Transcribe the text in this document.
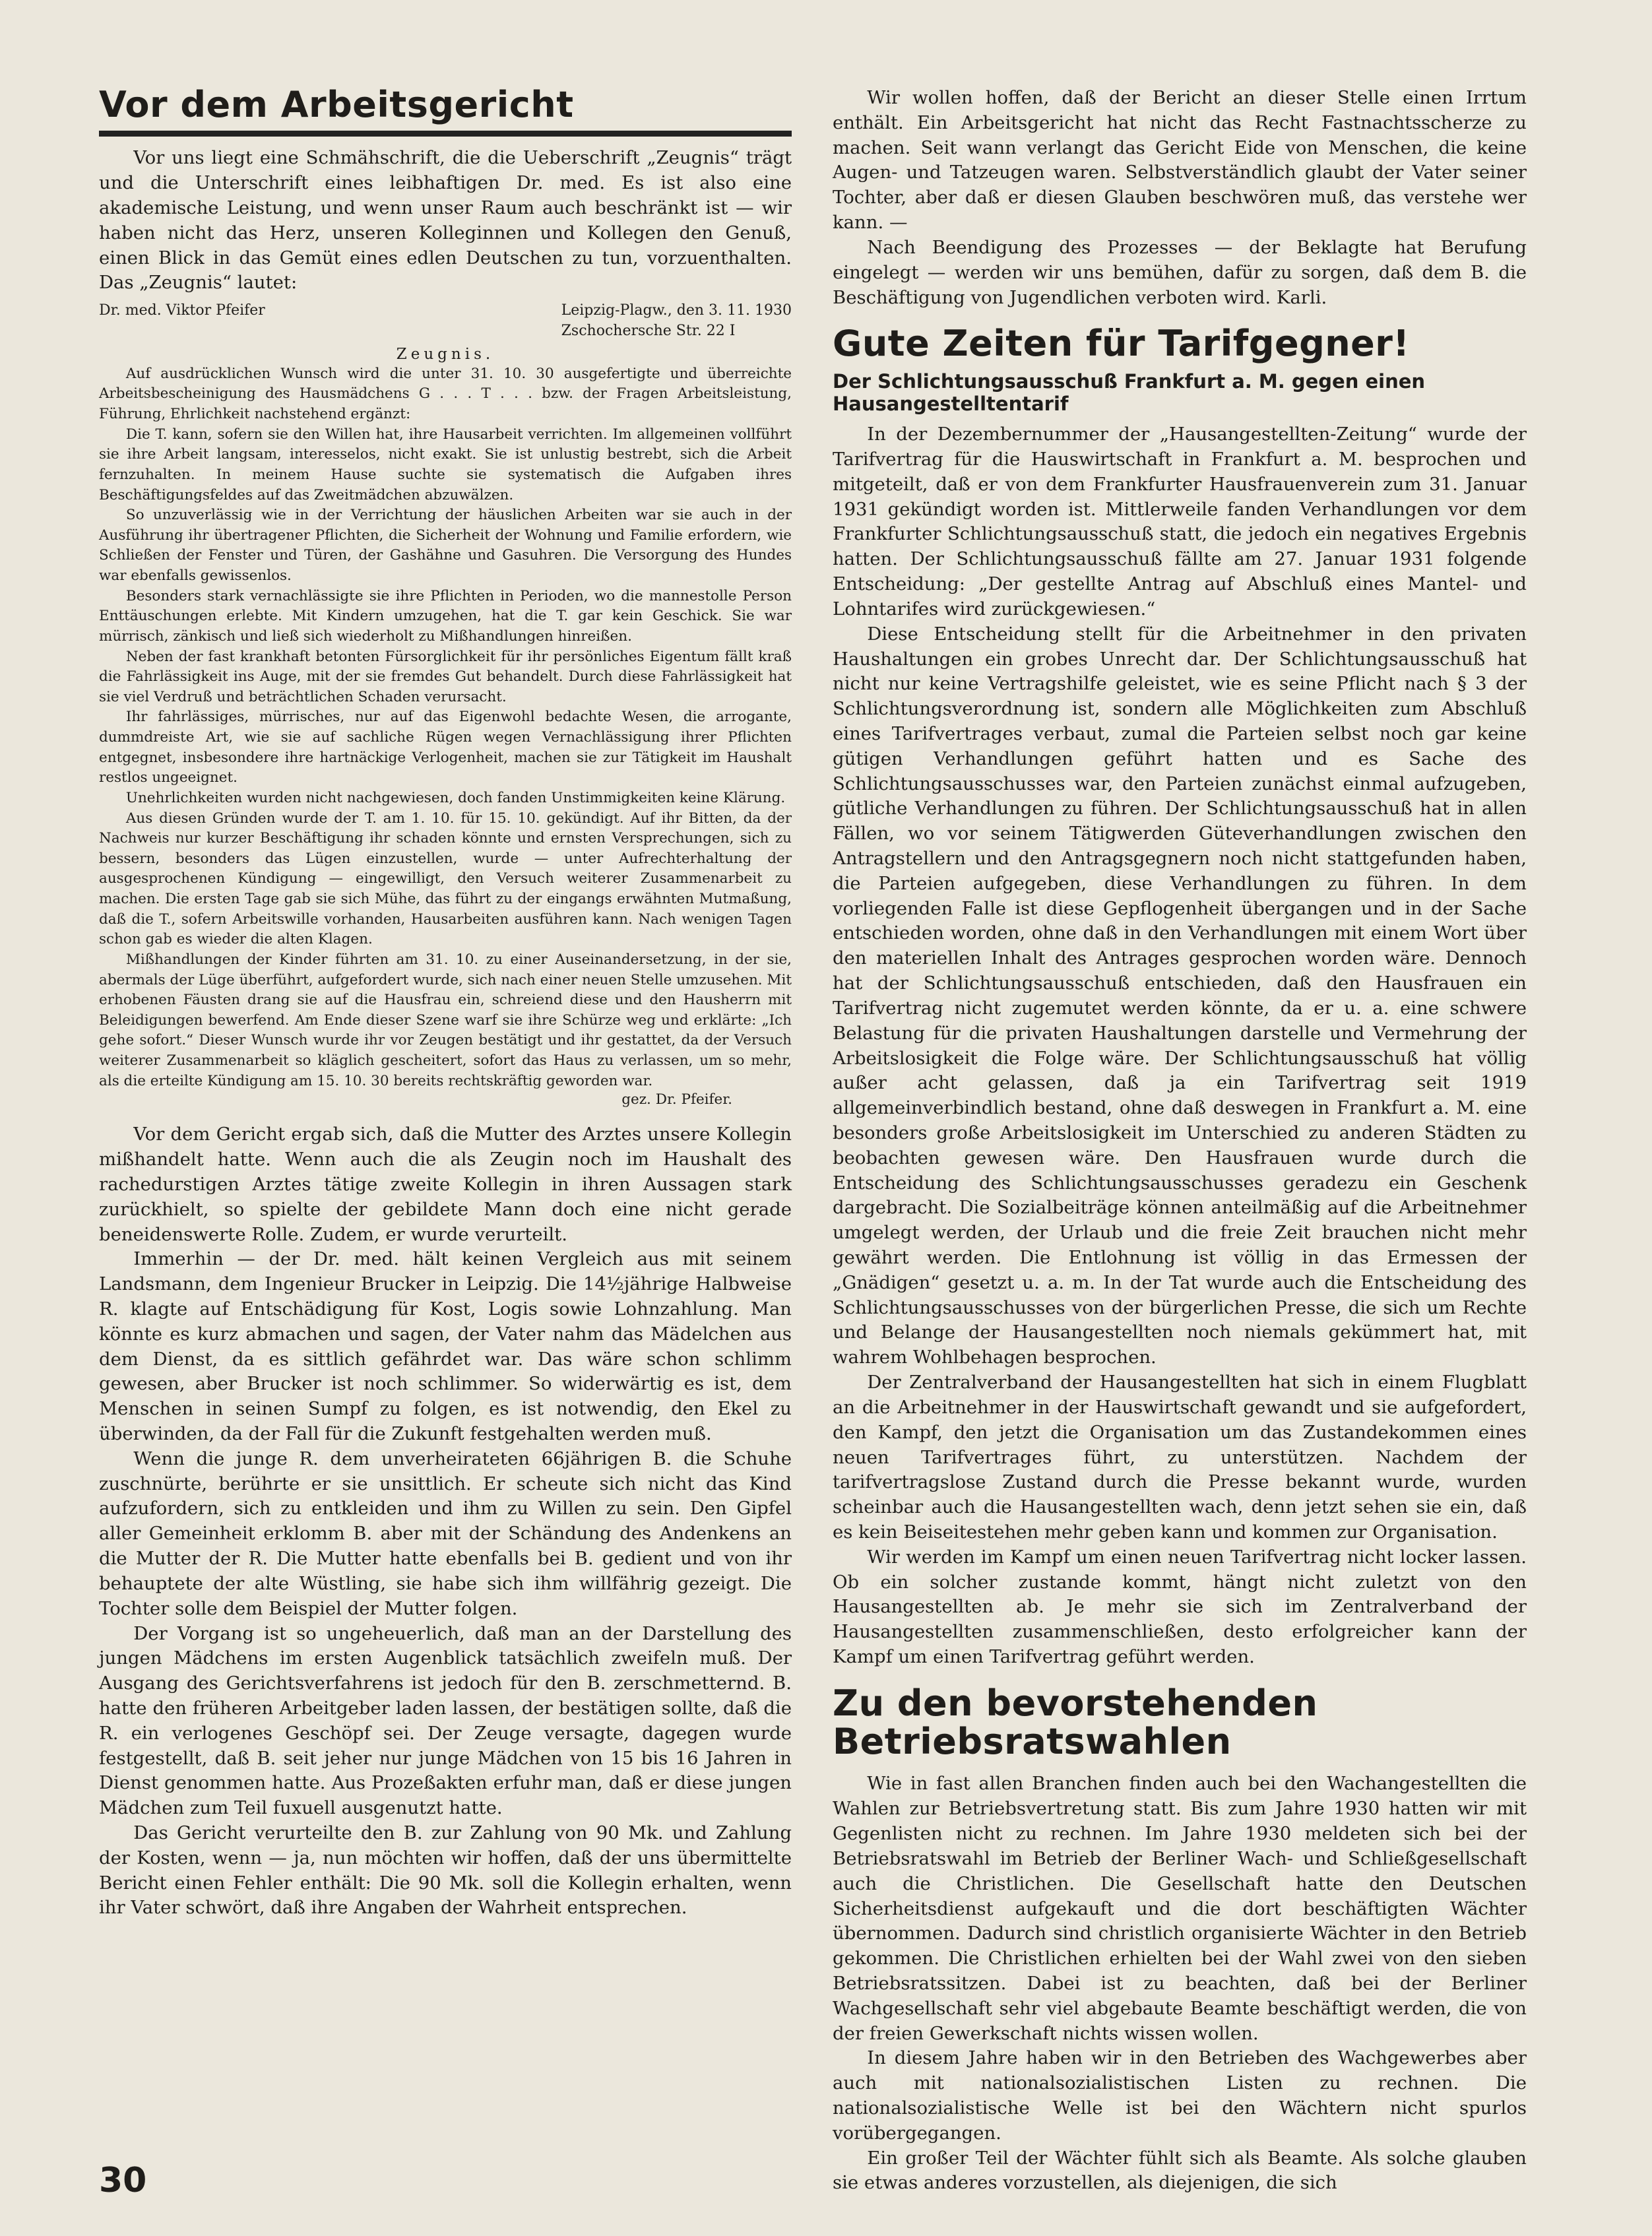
Vor dem Arbeitsgericht

Vor uns liegt eine Schmähschrift, die die Ueberschrift „Zeugnis“ trägt und die Unterschrift eines leibhaftigen Dr. med. Es ist also eine akademische Leistung, und wenn unser Raum auch beschränkt ist — wir haben nicht das Herz, unseren Kolleginnen und Kollegen den Genuß, einen Blick in das Gemüt eines edlen Deutschen zu tun, vorzuenthalten. Das „Zeugnis“ lautet:

Dr. med. Viktor Pfeifer	Leipzig-Plagw., den 3. 11. 1930
Zschochersche Str. 22 I
Zeugnis.

Auf ausdrücklichen Wunsch wird die unter 31. 10. 30 ausgefertigte und überreichte Arbeitsbescheinigung des Hausmädchens G . . . T . . . bzw. der Fragen Arbeitsleistung, Führung, Ehrlichkeit nachstehend ergänzt:

Die T. kann, sofern sie den Willen hat, ihre Hausarbeit verrichten. Im allgemeinen vollführt sie ihre Arbeit langsam, interesselos, nicht exakt. Sie ist unlustig bestrebt, sich die Arbeit fernzuhalten. In meinem Hause suchte sie systematisch die Aufgaben ihres Beschäftigungsfeldes auf das Zweitmädchen abzuwälzen.

So unzuverlässig wie in der Verrichtung der häuslichen Arbeiten war sie auch in der Ausführung ihr übertragener Pflichten, die Sicherheit der Wohnung und Familie erfordern, wie Schließen der Fenster und Türen, der Gashähne und Gasuhren. Die Versorgung des Hundes war ebenfalls gewissenlos.

Besonders stark vernachlässigte sie ihre Pflichten in Perioden, wo die mannestolle Person Enttäuschungen erlebte. Mit Kindern umzugehen, hat die T. gar kein Geschick. Sie war mürrisch, zänkisch und ließ sich wiederholt zu Mißhandlungen hinreißen.

Neben der fast krankhaft betonten Fürsorglichkeit für ihr persönliches Eigentum fällt kraß die Fahrlässigkeit ins Auge, mit der sie fremdes Gut behandelt. Durch diese Fahrlässigkeit hat sie viel Verdruß und beträchtlichen Schaden verursacht.

Ihr fahrlässiges, mürrisches, nur auf das Eigenwohl bedachte Wesen, die arrogante, dummdreiste Art, wie sie auf sachliche Rügen wegen Vernachlässigung ihrer Pflichten entgegnet, insbesondere ihre hartnäckige Verlogenheit, machen sie zur Tätigkeit im Haushalt restlos ungeeignet.

Unehrlichkeiten wurden nicht nachgewiesen, doch fanden Unstimmigkeiten keine Klärung.

Aus diesen Gründen wurde der T. am 1. 10. für 15. 10. gekündigt. Auf ihr Bitten, da der Nachweis nur kurzer Beschäftigung ihr schaden könnte und ernsten Versprechungen, sich zu bessern, besonders das Lügen einzustellen, wurde — unter Aufrechterhaltung der ausgesprochenen Kündigung — eingewilligt, den Versuch weiterer Zusammenarbeit zu machen. Die ersten Tage gab sie sich Mühe, das führt zu der eingangs erwähnten Mutmaßung, daß die T., sofern Arbeitswille vorhanden, Hausarbeiten ausführen kann. Nach wenigen Tagen schon gab es wieder die alten Klagen.

Mißhandlungen der Kinder führten am 31. 10. zu einer Auseinandersetzung, in der sie, abermals der Lüge überführt, aufgefordert wurde, sich nach einer neuen Stelle umzusehen. Mit erhobenen Fäusten drang sie auf die Hausfrau ein, schreiend diese und den Hausherrn mit Beleidigungen bewerfend. Am Ende dieser Szene warf sie ihre Schürze weg und erklärte: „Ich gehe sofort.“ Dieser Wunsch wurde ihr vor Zeugen bestätigt und ihr gestattet, da der Versuch weiterer Zusammenarbeit so kläglich gescheitert, sofort das Haus zu verlassen, um so mehr, als die erteilte Kündigung am 15. 10. 30 bereits rechtskräftig geworden war.

gez. Dr. Pfeifer.

Vor dem Gericht ergab sich, daß die Mutter des Arztes unsere Kollegin mißhandelt hatte. Wenn auch die als Zeugin noch im Haushalt des rachedurstigen Arztes tätige zweite Kollegin in ihren Aussagen stark zurückhielt, so spielte der gebildete Mann doch eine nicht gerade beneidenswerte Rolle. Zudem, er wurde verurteilt.

Immerhin — der Dr. med. hält keinen Vergleich aus mit seinem Landsmann, dem Ingenieur Brucker in Leipzig. Die 14½jährige Halbweise R. klagte auf Entschädigung für Kost, Logis sowie Lohnzahlung. Man könnte es kurz abmachen und sagen, der Vater nahm das Mädelchen aus dem Dienst, da es sittlich gefährdet war. Das wäre schon schlimm gewesen, aber Brucker ist noch schlimmer. So widerwärtig es ist, dem Menschen in seinen Sumpf zu folgen, es ist notwendig, den Ekel zu überwinden, da der Fall für die Zukunft festgehalten werden muß.

Wenn die junge R. dem unverheirateten 66jährigen B. die Schuhe zuschnürte, berührte er sie unsittlich. Er scheute sich nicht das Kind aufzufordern, sich zu entkleiden und ihm zu Willen zu sein. Den Gipfel aller Gemeinheit erklomm B. aber mit der Schändung des Andenkens an die Mutter der R. Die Mutter hatte ebenfalls bei B. gedient und von ihr behauptete der alte Wüstling, sie habe sich ihm willfährig gezeigt. Die Tochter solle dem Beispiel der Mutter folgen.

Der Vorgang ist so ungeheuerlich, daß man an der Darstellung des jungen Mädchens im ersten Augenblick tatsächlich zweifeln muß. Der Ausgang des Gerichtsverfahrens ist jedoch für den B. zerschmetternd. B. hatte den früheren Arbeitgeber laden lassen, der bestätigen sollte, daß die R. ein verlogenes Geschöpf sei. Der Zeuge versagte, dagegen wurde festgestellt, daß B. seit jeher nur junge Mädchen von 15 bis 16 Jahren in Dienst genommen hatte. Aus Prozeßakten erfuhr man, daß er diese jungen Mädchen zum Teil fuxuell ausgenutzt hatte.

Das Gericht verurteilte den B. zur Zahlung von 90 Mk. und Zahlung der Kosten, wenn — ja, nun möchten wir hoffen, daß der uns übermittelte Bericht einen Fehler enthält: Die 90 Mk. soll die Kollegin erhalten, wenn ihr Vater schwört, daß ihre Angaben der Wahrheit entsprechen.

Wir wollen hoffen, daß der Bericht an dieser Stelle einen Irrtum enthält. Ein Arbeitsgericht hat nicht das Recht Fastnachtsscherze zu machen. Seit wann verlangt das Gericht Eide von Menschen, die keine Augen- und Tatzeugen waren. Selbstverständlich glaubt der Vater seiner Tochter, aber daß er diesen Glauben beschwören muß, das verstehe wer kann. —

Nach Beendigung des Prozesses — der Beklagte hat Berufung eingelegt — werden wir uns bemühen, dafür zu sorgen, daß dem B. die Beschäftigung von Jugendlichen verboten wird. Karli.

Gute Zeiten für Tarifgegner!
Der Schlichtungsausschuß Frankfurt a. M. gegen einen Hausangestelltentarif

In der Dezembernummer der „Hausangestellten-Zeitung“ wurde der Tarifvertrag für die Hauswirtschaft in Frankfurt a. M. besprochen und mitgeteilt, daß er von dem Frankfurter Hausfrauenverein zum 31. Januar 1931 gekündigt worden ist. Mittlerweile fanden Verhandlungen vor dem Frankfurter Schlichtungsausschuß statt, die jedoch ein negatives Ergebnis hatten. Der Schlichtungsausschuß fällte am 27. Januar 1931 folgende Entscheidung: „Der gestellte Antrag auf Abschluß eines Mantel- und Lohntarifes wird zurückgewiesen.“

Diese Entscheidung stellt für die Arbeitnehmer in den privaten Haushaltungen ein grobes Unrecht dar. Der Schlichtungsausschuß hat nicht nur keine Vertragshilfe geleistet, wie es seine Pflicht nach § 3 der Schlichtungsverordnung ist, sondern alle Möglichkeiten zum Abschluß eines Tarifvertrages verbaut, zumal die Parteien selbst noch gar keine gütigen Verhandlungen geführt hatten und es Sache des Schlichtungsausschusses war, den Parteien zunächst einmal aufzugeben, gütliche Verhandlungen zu führen. Der Schlichtungsausschuß hat in allen Fällen, wo vor seinem Tätigwerden Güteverhandlungen zwischen den Antragstellern und den Antragsgegnern noch nicht stattgefunden haben, die Parteien aufgegeben, diese Verhandlungen zu führen. In dem vorliegenden Falle ist diese Gepflogenheit übergangen und in der Sache entschieden worden, ohne daß in den Verhandlungen mit einem Wort über den materiellen Inhalt des Antrages gesprochen worden wäre. Dennoch hat der Schlichtungsausschuß entschieden, daß den Hausfrauen ein Tarifvertrag nicht zugemutet werden könnte, da er u. a. eine schwere Belastung für die privaten Haushaltungen darstelle und Vermehrung der Arbeitslosigkeit die Folge wäre. Der Schlichtungsausschuß hat völlig außer acht gelassen, daß ja ein Tarifvertrag seit 1919 allgemeinverbindlich bestand, ohne daß deswegen in Frankfurt a. M. eine besonders große Arbeitslosigkeit im Unterschied zu anderen Städten zu beobachten gewesen wäre. Den Hausfrauen wurde durch die Entscheidung des Schlichtungsausschusses geradezu ein Geschenk dargebracht. Die Sozialbeiträge können anteilmäßig auf die Arbeitnehmer umgelegt werden, der Urlaub und die freie Zeit brauchen nicht mehr gewährt werden. Die Entlohnung ist völlig in das Ermessen der „Gnädigen“ gesetzt u. a. m. In der Tat wurde auch die Entscheidung des Schlichtungsausschusses von der bürgerlichen Presse, die sich um Rechte und Belange der Hausangestellten noch niemals gekümmert hat, mit wahrem Wohlbehagen besprochen.

Der Zentralverband der Hausangestellten hat sich in einem Flugblatt an die Arbeitnehmer in der Hauswirtschaft gewandt und sie aufgefordert, den Kampf, den jetzt die Organisation um das Zustandekommen eines neuen Tarifvertrages führt, zu unterstützen. Nachdem der tarifvertragslose Zustand durch die Presse bekannt wurde, wurden scheinbar auch die Hausangestellten wach, denn jetzt sehen sie ein, daß es kein Beiseitestehen mehr geben kann und kommen zur Organisation.

Wir werden im Kampf um einen neuen Tarifvertrag nicht locker lassen. Ob ein solcher zustande kommt, hängt nicht zuletzt von den Hausangestellten ab. Je mehr sie sich im Zentralverband der Hausangestellten zusammenschließen, desto erfolgreicher kann der Kampf um einen Tarifvertrag geführt werden.

Zu den bevorstehenden Betriebsratswahlen

Wie in fast allen Branchen finden auch bei den Wachangestellten die Wahlen zur Betriebsvertretung statt. Bis zum Jahre 1930 hatten wir mit Gegenlisten nicht zu rechnen. Im Jahre 1930 meldeten sich bei der Betriebsratswahl im Betrieb der Berliner Wach- und Schließgesellschaft auch die Christlichen. Die Gesellschaft hatte den Deutschen Sicherheitsdienst aufgekauft und die dort beschäftigten Wächter übernommen. Dadurch sind christlich organisierte Wächter in den Betrieb gekommen. Die Christlichen erhielten bei der Wahl zwei von den sieben Betriebsratssitzen. Dabei ist zu beachten, daß bei der Berliner Wachgesellschaft sehr viel abgebaute Beamte beschäftigt werden, die von der freien Gewerkschaft nichts wissen wollen.

In diesem Jahre haben wir in den Betrieben des Wachgewerbes aber auch mit nationalsozialistischen Listen zu rechnen. Die nationalsozialistische Welle ist bei den Wächtern nicht spurlos vorübergegangen.

Ein großer Teil der Wächter fühlt sich als Beamte. Als solche glauben sie etwas anderes vorzustellen, als diejenigen, die sich

30
